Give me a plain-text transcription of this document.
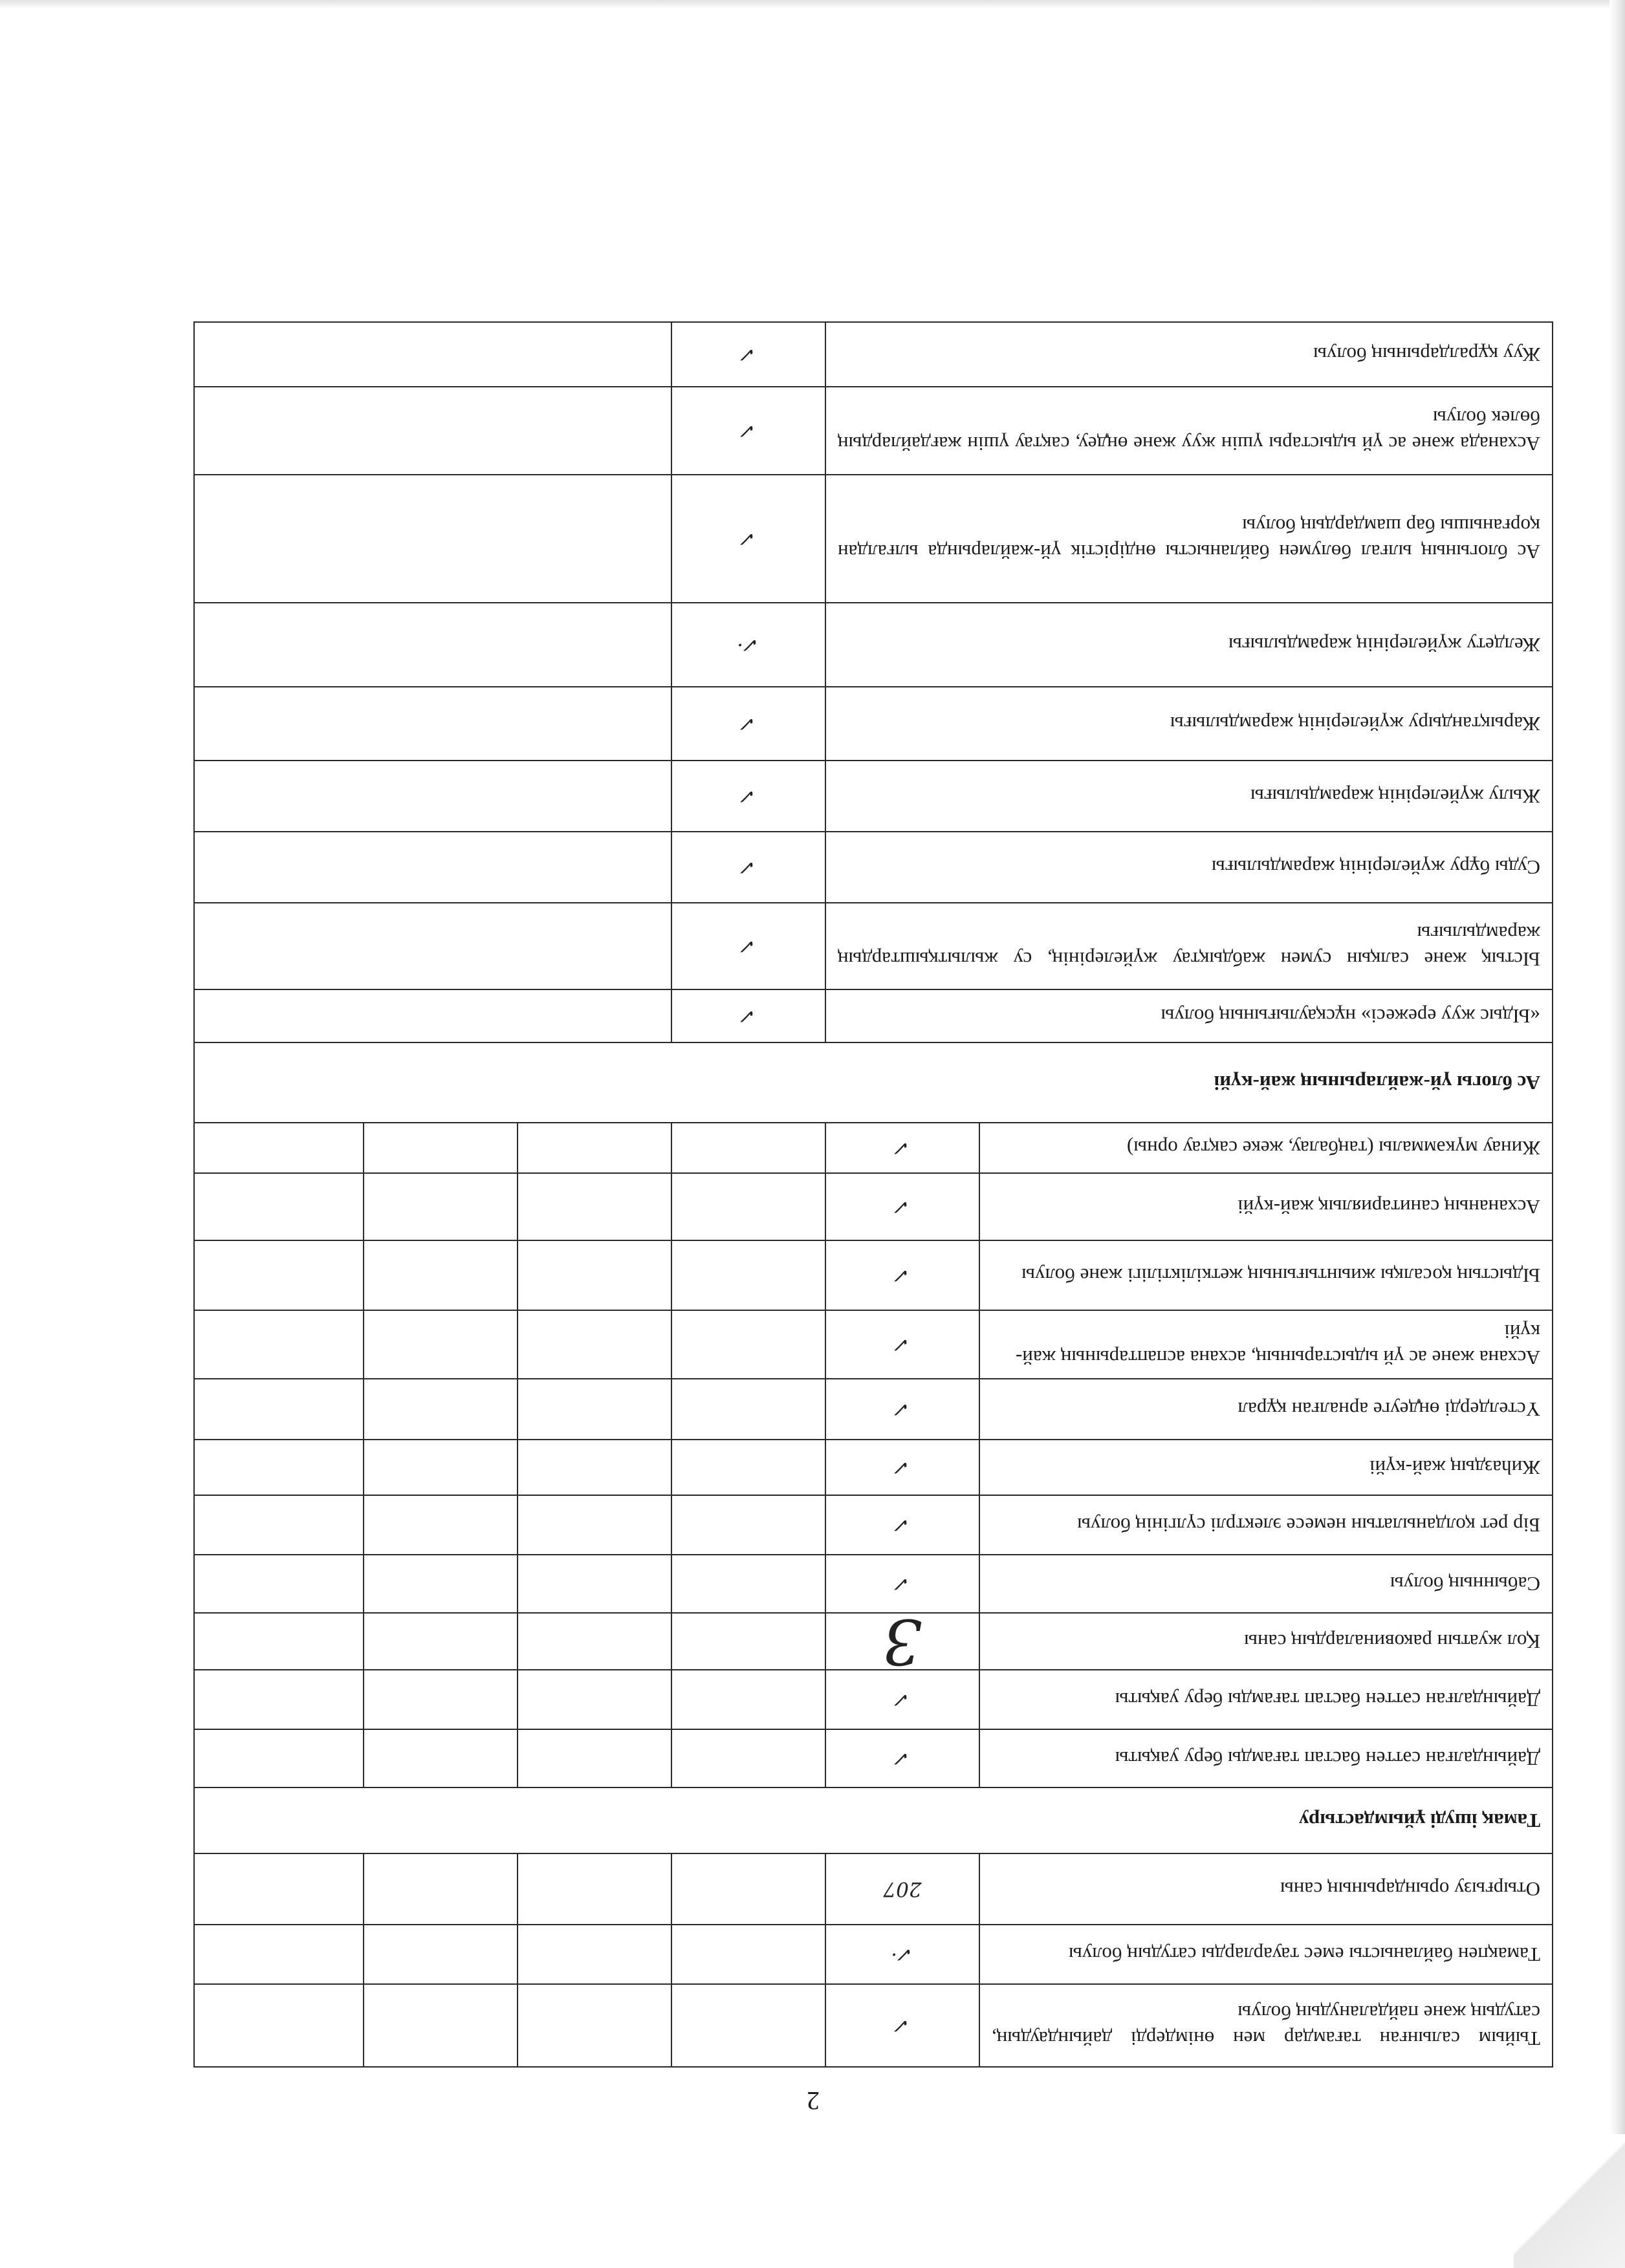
2
Тыйым салынған тағамдар мен өнімдерді дайындаудың, сатудың және пайдаланудың болуы	✓				
Тамақпен байланысты емес тауарларды сатудың болуы	✓·				
Отырғызу орындарының саны	207				
Тамақ ішуді ұйымдастыру					
Дайындалған сәттен бастап тағамды беру уақыты	✓				
Дайындалған сәттен бастап тағамды беру уақыты	✓				
Қол жуатын раковиналардың саны	3				
Сабынның болуы	✓				
Бір рет қолданылатын немесе электрлі сүлгінің болуы	✓				
Жиһаздың жай-күйі	✓				
Үстелдерді өңдеуге арналған құрал	✓				
Асхана және ас үй ыдыстарының, асхана аспаптарының жай-күйі	✓				
Ыдыстың қосалқы жиынтығының жеткіліктілігі және болуы	✓				
Асхананың санитариялық жай-күйі	✓				
Жинау мүкәммалы (таңбалау, жеке сақтау орны)	✓				
Ас блогы үй-жайларының жай-күйі					
«Ыдыс жуу ережесі» нұсқаулығының болуы		✓			
Ыстық және салқын сумен жабдықтау жүйелерінің, су жылытқыштардың жарамдылығы		✓			
Суды бұру жүйелерінің жарамдылығы		✓			
Жылу жүйелерінің жарамдылығы		✓			
Жарықтандыру жүйелерінің жарамдылығы		✓			
Желдету жүйелерінің жарамдылығы		✓·			
Ас блогының ылғал бөлумен байланысты өндірістік үй-жайларында ылғалдан қорғанышы бар шамдардың болуы		✓			
Асханада және ас үй ыдыстары үшін жуу және өңдеу, сақтау үшін жағдайлардың бөлек болуы		✓			
Жуу құралдарының болуы		✓			
